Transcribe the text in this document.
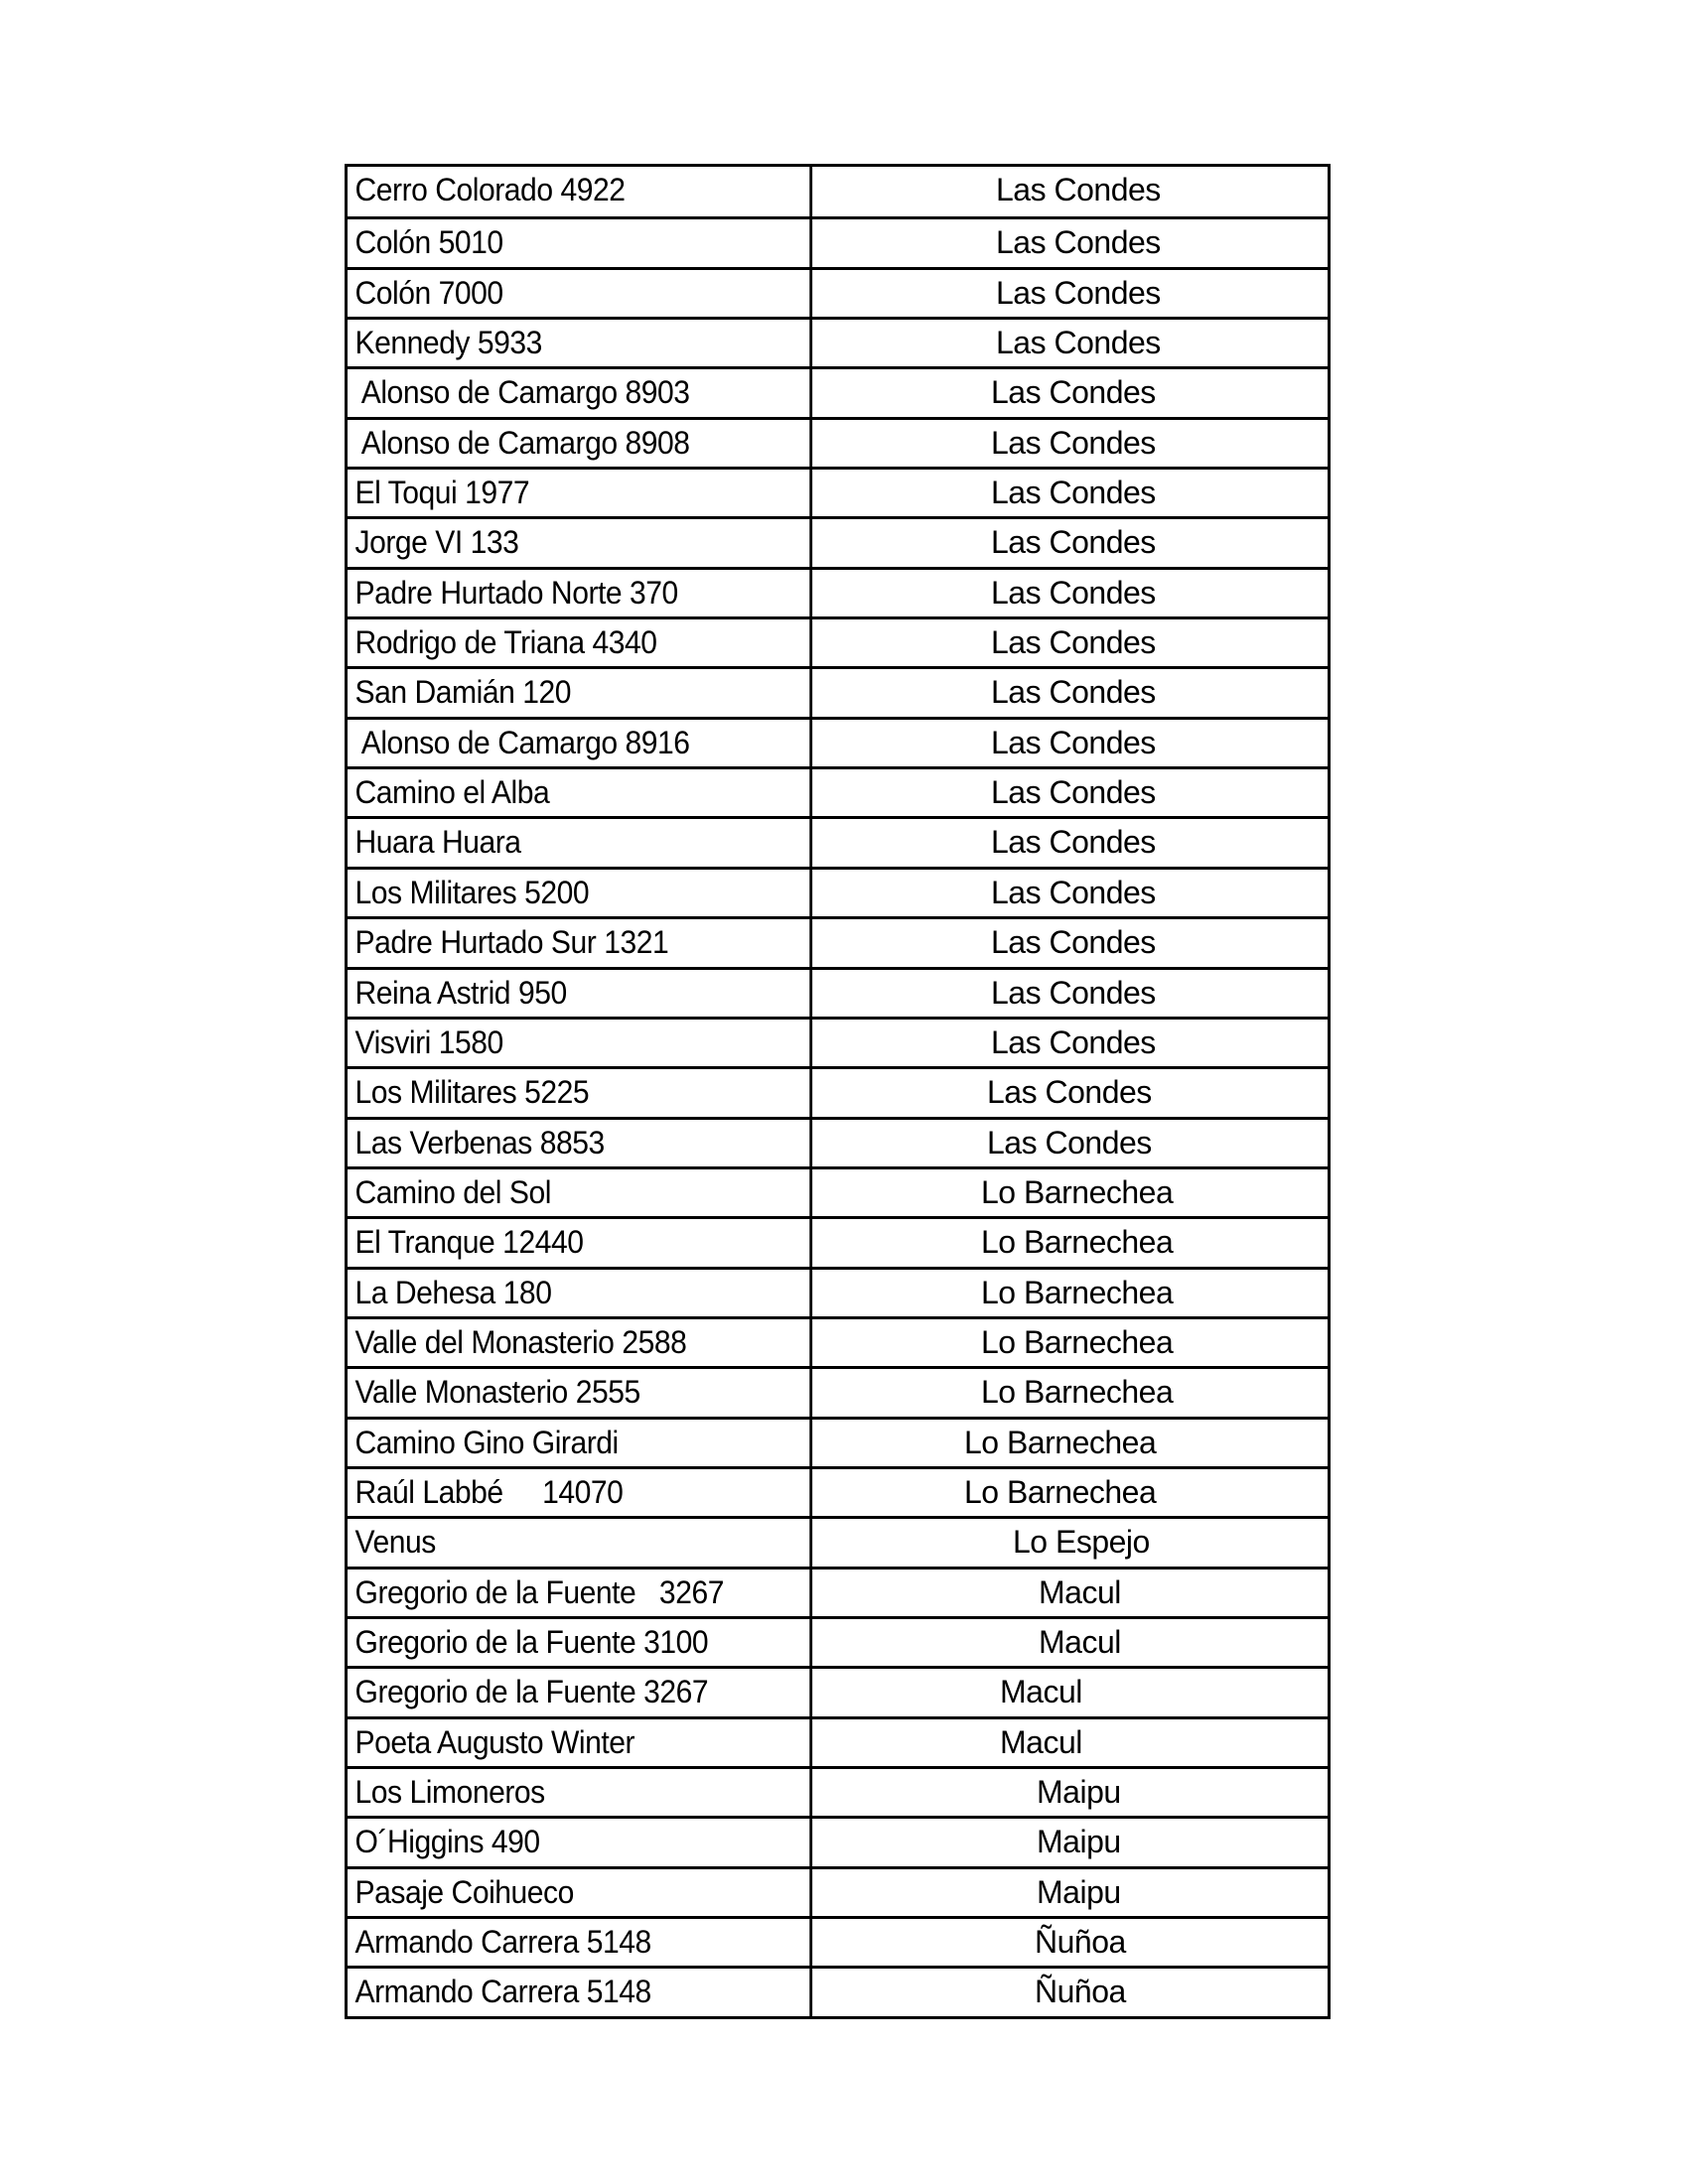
Cerro Colorado 4922	Las Condes
Colón 5010	Las Condes
Colón 7000	Las Condes
Kennedy 5933	Las Condes
Alonso de Camargo 8903	Las Condes
Alonso de Camargo 8908	Las Condes
El Toqui 1977	Las Condes
Jorge VI 133	Las Condes
Padre Hurtado Norte 370	Las Condes
Rodrigo de Triana 4340	Las Condes
San Damián 120	Las Condes
Alonso de Camargo 8916	Las Condes
Camino el Alba	Las Condes
Huara Huara	Las Condes
Los Militares 5200	Las Condes
Padre Hurtado Sur 1321	Las Condes
Reina Astrid 950	Las Condes
Visviri 1580	Las Condes
Los Militares 5225	Las Condes
Las Verbenas 8853	Las Condes
Camino del Sol	Lo Barnechea
El Tranque 12440	Lo Barnechea
La Dehesa 180	Lo Barnechea
Valle del Monasterio 2588	Lo Barnechea
Valle Monasterio 2555	Lo Barnechea
Camino Gino Girardi	Lo Barnechea
Raúl Labbé     14070	Lo Barnechea
Venus	Lo Espejo
Gregorio de la Fuente   3267	Macul
Gregorio de la Fuente 3100	Macul
Gregorio de la Fuente 3267	Macul
Poeta Augusto Winter	Macul
Los Limoneros	Maipu
O´Higgins 490	Maipu
Pasaje Coihueco	Maipu
Armando Carrera 5148	Ñuñoa
Armando Carrera 5148	Ñuñoa
